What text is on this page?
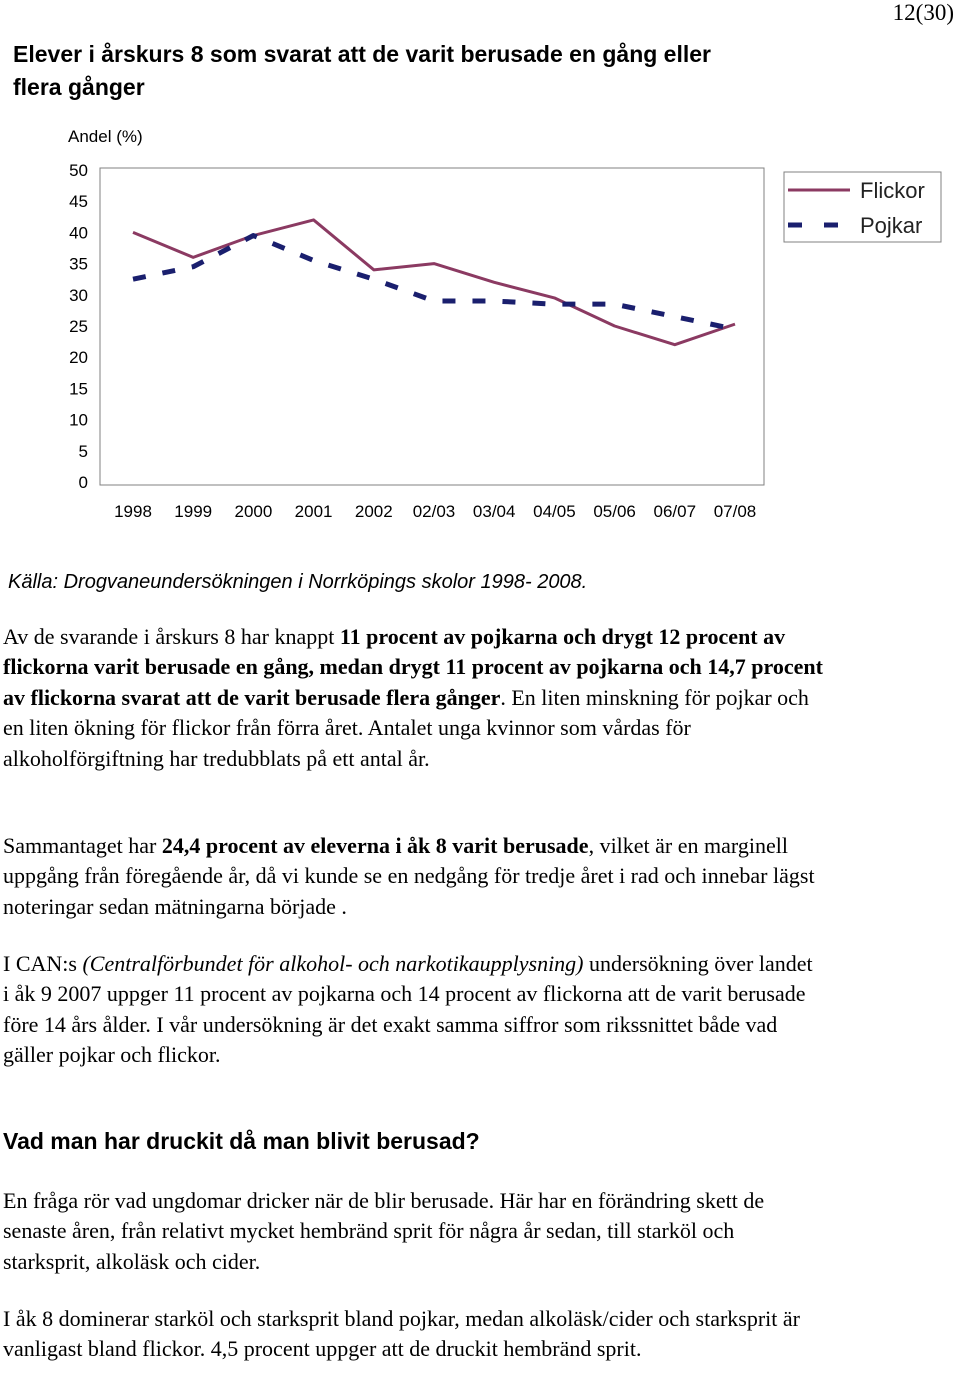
12(30)
Elever i årskurs 8 som svarat att de varit berusade en gång eller flera gånger
Andel (%)
50
45
40
35
30
25
20
15
10
5
0
1998 1999 2000 2001 2002 02/03 03/04 04/05 05/06 06/07 07/08
Flickor
Pojkar
Källa: Drogvaneundersökningen i Norrköpings skolor 1998- 2008.

Av de svarande i årskurs 8 har knappt 11 procent av pojkarna och drygt 12 procent av flickorna varit berusade en gång, medan drygt 11 procent av pojkarna och 14,7 procent av flickorna svarat att de varit berusade flera gånger. En liten minskning för pojkar och en liten ökning för flickor från förra året. Antalet unga kvinnor som vårdas för alkoholförgiftning har tredubblats på ett antal år.

Sammantaget har 24,4 procent av eleverna i åk 8 varit berusade, vilket är en marginell uppgång från föregående år, då vi kunde se en nedgång för tredje året i rad och innebar lägst noteringar sedan mätningarna började .

I CAN:s (Centralförbundet för alkohol- och narkotikaupplysning) undersökning över landet i åk 9 2007 uppger 11 procent av pojkarna och 14 procent av flickorna att de varit berusade före 14 års ålder. I vår undersökning är det exakt samma siffror som rikssnittet både vad gäller pojkar och flickor.

Vad man har druckit då man blivit berusad?

En fråga rör vad ungdomar dricker när de blir berusade. Här har en förändring skett de senaste åren, från relativt mycket hembränd sprit för några år sedan, till starköl och starksprit, alkoläsk och cider.

I åk 8 dominerar starköl och starksprit bland pojkar, medan alkoläsk/cider och starksprit är vanligast bland flickor. 4,5 procent uppger att de druckit hembränd sprit.
